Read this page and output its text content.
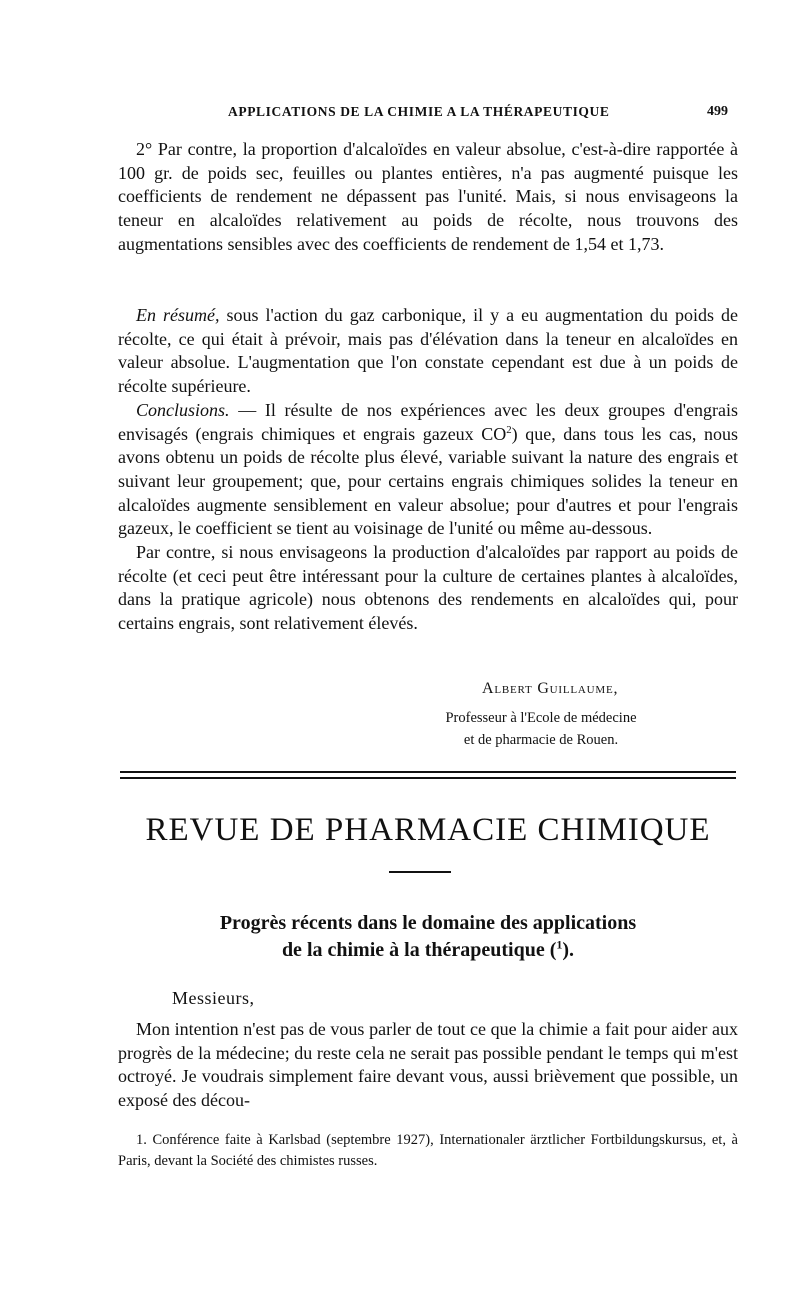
APPLICATIONS DE LA CHIMIE A LA THÉRAPEUTIQUE	499

2° Par contre, la proportion d'alcaloïdes en valeur absolue, c'est-à-dire rapportée à 100 gr. de poids sec, feuilles ou plantes entières, n'a pas augmenté puisque les coefficients de rendement ne dépassent pas l'unité. Mais, si nous envisageons la teneur en alcaloïdes relativement au poids de récolte, nous trouvons des augmentations sensibles avec des coefficients de rendement de 1,54 et 1,73.

En résumé, sous l'action du gaz carbonique, il y a eu augmentation du poids de récolte, ce qui était à prévoir, mais pas d'élévation dans la teneur en alcaloïdes en valeur absolue. L'augmentation que l'on constate cependant est due à un poids de récolte supérieure.

Conclusions. — Il résulte de nos expériences avec les deux groupes d'engrais envisagés (engrais chimiques et engrais gazeux $CO^2$) que, dans tous les cas, nous avons obtenu un poids de récolte plus élevé, variable suivant la nature des engrais et suivant leur groupement; que, pour certains engrais chimiques solides la teneur en alcaloïdes augmente sensiblement en valeur absolue; pour d'autres et pour l'engrais gazeux, le coefficient se tient au voisinage de l'unité ou même au-dessous.

Par contre, si nous envisageons la production d'alcaloïdes par rapport au poids de récolte (et ceci peut être intéressant pour la culture de certaines plantes à alcaloïdes, dans la pratique agricole) nous obtenons des rendements en alcaloïdes qui, pour certains engrais, sont relativement élevés.

Albert Guillaume,
Professeur à l'Ecole de médecine
et de pharmacie de Rouen.
REVUE DE PHARMACIE CHIMIQUE
Progrès récents dans le domaine des applications
de la chimie à la thérapeutique ($^1$).
Messieurs,

Mon intention n'est pas de vous parler de tout ce que la chimie a fait pour aider aux progrès de la médecine; du reste cela ne serait pas possible pendant le temps qui m'est octroyé. Je voudrais simplement faire devant vous, aussi brièvement que possible, un exposé des décou-

1. Conférence faite à Karlsbad (septembre 1927), Internationaler ärztlicher Fortbildungskursus, et, à Paris, devant la Société des chimistes russes.
